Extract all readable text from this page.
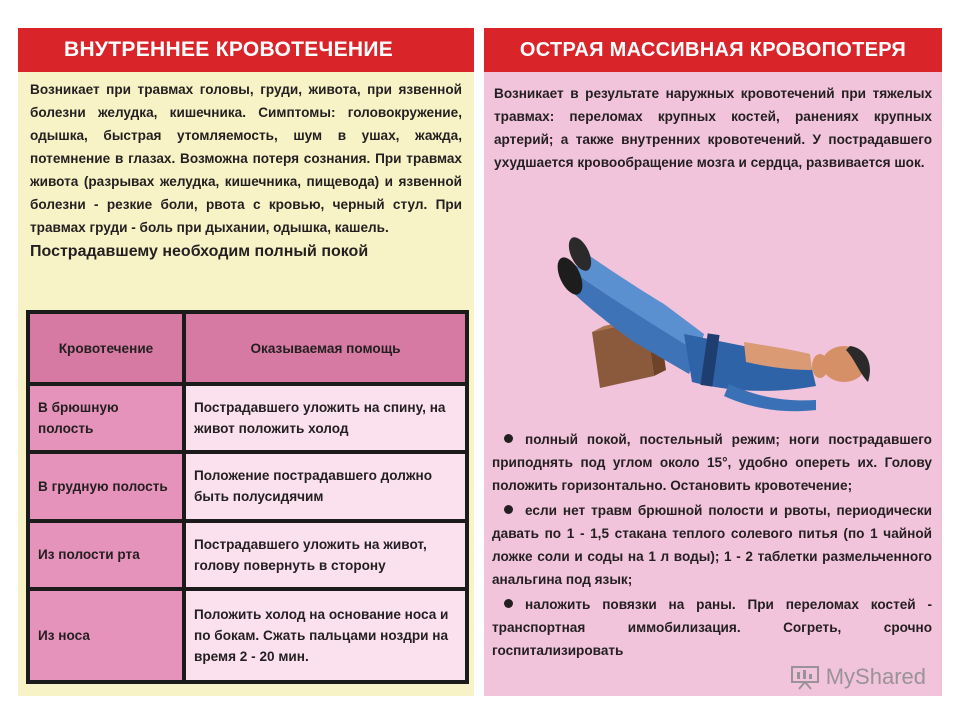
ВНУТРЕННЕЕ КРОВОТЕЧЕНИЕ
Возникает при травмах головы, груди, живота, при язвенной болезни желудка, кишечника. Симптомы: головокружение, одышка, быстрая утомляемость, шум в ушах, жажда, потемнение в глазах. Возможна потеря сознания. При травмах живота (разрывах желудка, кишечника, пищевода) и язвенной болезни - резкие боли, рвота с кровью, черный стул. При травмах груди - боль при дыхании, одышка, кашель.
Пострадавшему необходим полный покой
Кровотечение	Оказываемая помощь
В брюшную полость	Пострадавшего уложить на спину, на живот положить холод
В грудную полость	Положение пострадавшего должно быть полусидячим
Из полости рта	Пострадавшего уложить на живот, голову повернуть в сторону
Из носа	Положить холод на основание носа и по бокам. Сжать пальцами ноздри на время 2 - 20 мин.
ОСТРАЯ МАССИВНАЯ КРОВОПОТЕРЯ
Возникает в результате наружных кровотечений при тяжелых травмах: переломах крупных костей, ранениях крупных артерий; а также внутренних кровотечений. У пострадавшего ухудшается кровообращение мозга и сердца, развивается шок.

полный покой, постельный режим; ноги пострадавшего приподнять под углом около 15°, удобно опереть их. Голову положить горизонтально. Остановить кровотечение;

если нет травм брюшной полости и рвоты, периодически давать по 1 - 1,5 стакана теплого солевого питья (по 1 чайной ложке соли и соды на 1 л воды); 1 - 2 таблетки размельченного анальгина под язык;

наложить повязки на раны. При переломах костей - транспортная иммобилизация. Согреть, срочно госпитализировать

MyShared
